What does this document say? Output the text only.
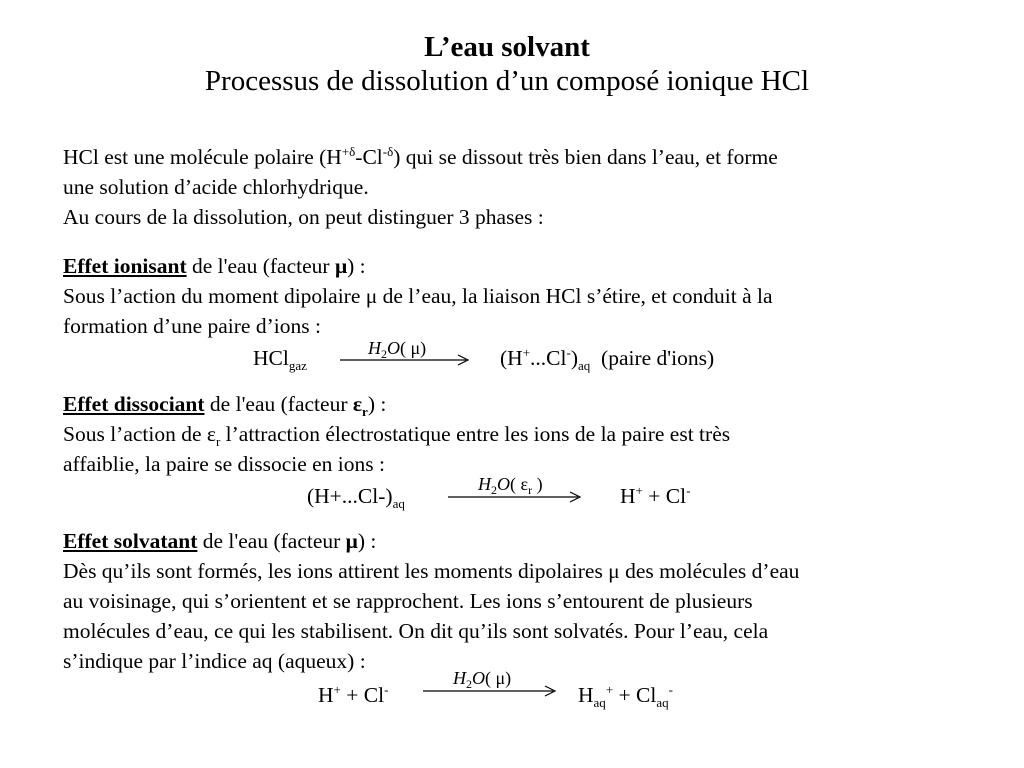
L’eau solvant
Processus de dissolution d’un composé ionique HCl
HCl est une molécule polaire $(H^{+\delta}-Cl^{-\delta})$ qui se dissout très bien dans l’eau, et forme
une solution d’acide chlorhydrique.
Au cours de la dissolution, on peut distinguer 3 phases :
Effet ionisant de l'eau (facteur μ) :
Sous l’action du moment dipolaire μ de l’eau, la liaison HCl s’étire, et conduit à la
formation d’une paire d’ions :
HCl$_{gaz}$
$H_2O$( μ)	$(H^+...Cl^-)_{aq}$  (paire d'ions)
Effet dissociant de l'eau (facteur $\varepsilon_r$) :
Sous l’action de $\varepsilon_r$ l’attraction électrostatique entre les ions de la paire est très
affaiblie, la paire se dissocie en ions :
$(H+...Cl-)_{aq}$
$H_2O$( $\varepsilon_r$ )	H+ + Cl-
Effet solvatant de l'eau (facteur μ) :
Dès qu’ils sont formés, les ions attirent les moments dipolaires μ des molécules d’eau
au voisinage, qui s’orientent et se rapprochent. Les ions s’entourent de plusieurs
molécules d’eau, ce qui les stabilisent. On dit qu’ils sont solvatés. Pour l’eau, cela
s’indique par l’indice aq (aqueux) :
H+ + Cl-
$H_2O$( μ)
$H_{aq}^+ + Cl_{aq}^-$
